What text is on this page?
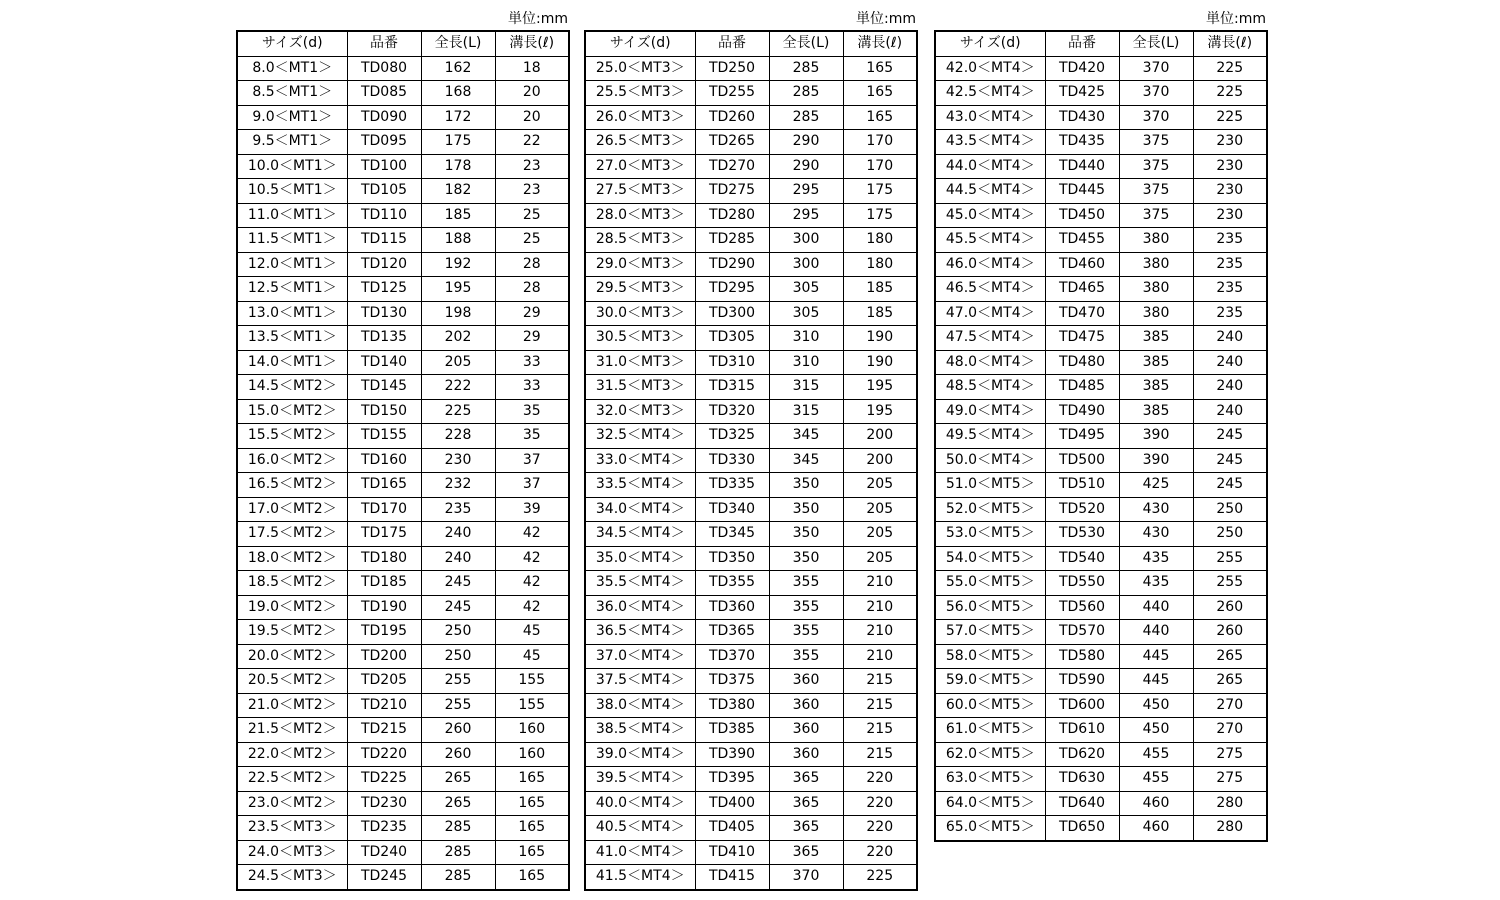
単位:mm
サイズ(d)	品番	全長(L)	溝長(ℓ)
8.0＜MT1＞	TD080	162	18
8.5＜MT1＞	TD085	168	20
9.0＜MT1＞	TD090	172	20
9.5＜MT1＞	TD095	175	22
10.0＜MT1＞	TD100	178	23
10.5＜MT1＞	TD105	182	23
11.0＜MT1＞	TD110	185	25
11.5＜MT1＞	TD115	188	25
12.0＜MT1＞	TD120	192	28
12.5＜MT1＞	TD125	195	28
13.0＜MT1＞	TD130	198	29
13.5＜MT1＞	TD135	202	29
14.0＜MT1＞	TD140	205	33
14.5＜MT2＞	TD145	222	33
15.0＜MT2＞	TD150	225	35
15.5＜MT2＞	TD155	228	35
16.0＜MT2＞	TD160	230	37
16.5＜MT2＞	TD165	232	37
17.0＜MT2＞	TD170	235	39
17.5＜MT2＞	TD175	240	42
18.0＜MT2＞	TD180	240	42
18.5＜MT2＞	TD185	245	42
19.0＜MT2＞	TD190	245	42
19.5＜MT2＞	TD195	250	45
20.0＜MT2＞	TD200	250	45
20.5＜MT2＞	TD205	255	155
21.0＜MT2＞	TD210	255	155
21.5＜MT2＞	TD215	260	160
22.0＜MT2＞	TD220	260	160
22.5＜MT2＞	TD225	265	165
23.0＜MT2＞	TD230	265	165
23.5＜MT3＞	TD235	285	165
24.0＜MT3＞	TD240	285	165
24.5＜MT3＞	TD245	285	165
単位:mm
サイズ(d)	品番	全長(L)	溝長(ℓ)
25.0＜MT3＞	TD250	285	165
25.5＜MT3＞	TD255	285	165
26.0＜MT3＞	TD260	285	165
26.5＜MT3＞	TD265	290	170
27.0＜MT3＞	TD270	290	170
27.5＜MT3＞	TD275	295	175
28.0＜MT3＞	TD280	295	175
28.5＜MT3＞	TD285	300	180
29.0＜MT3＞	TD290	300	180
29.5＜MT3＞	TD295	305	185
30.0＜MT3＞	TD300	305	185
30.5＜MT3＞	TD305	310	190
31.0＜MT3＞	TD310	310	190
31.5＜MT3＞	TD315	315	195
32.0＜MT3＞	TD320	315	195
32.5＜MT4＞	TD325	345	200
33.0＜MT4＞	TD330	345	200
33.5＜MT4＞	TD335	350	205
34.0＜MT4＞	TD340	350	205
34.5＜MT4＞	TD345	350	205
35.0＜MT4＞	TD350	350	205
35.5＜MT4＞	TD355	355	210
36.0＜MT4＞	TD360	355	210
36.5＜MT4＞	TD365	355	210
37.0＜MT4＞	TD370	355	210
37.5＜MT4＞	TD375	360	215
38.0＜MT4＞	TD380	360	215
38.5＜MT4＞	TD385	360	215
39.0＜MT4＞	TD390	360	215
39.5＜MT4＞	TD395	365	220
40.0＜MT4＞	TD400	365	220
40.5＜MT4＞	TD405	365	220
41.0＜MT4＞	TD410	365	220
41.5＜MT4＞	TD415	370	225
単位:mm
サイズ(d)	品番	全長(L)	溝長(ℓ)
42.0＜MT4＞	TD420	370	225
42.5＜MT4＞	TD425	370	225
43.0＜MT4＞	TD430	370	225
43.5＜MT4＞	TD435	375	230
44.0＜MT4＞	TD440	375	230
44.5＜MT4＞	TD445	375	230
45.0＜MT4＞	TD450	375	230
45.5＜MT4＞	TD455	380	235
46.0＜MT4＞	TD460	380	235
46.5＜MT4＞	TD465	380	235
47.0＜MT4＞	TD470	380	235
47.5＜MT4＞	TD475	385	240
48.0＜MT4＞	TD480	385	240
48.5＜MT4＞	TD485	385	240
49.0＜MT4＞	TD490	385	240
49.5＜MT4＞	TD495	390	245
50.0＜MT4＞	TD500	390	245
51.0＜MT5＞	TD510	425	245
52.0＜MT5＞	TD520	430	250
53.0＜MT5＞	TD530	430	250
54.0＜MT5＞	TD540	435	255
55.0＜MT5＞	TD550	435	255
56.0＜MT5＞	TD560	440	260
57.0＜MT5＞	TD570	440	260
58.0＜MT5＞	TD580	445	265
59.0＜MT5＞	TD590	445	265
60.0＜MT5＞	TD600	450	270
61.0＜MT5＞	TD610	450	270
62.0＜MT5＞	TD620	455	275
63.0＜MT5＞	TD630	455	275
64.0＜MT5＞	TD640	460	280
65.0＜MT5＞	TD650	460	280
